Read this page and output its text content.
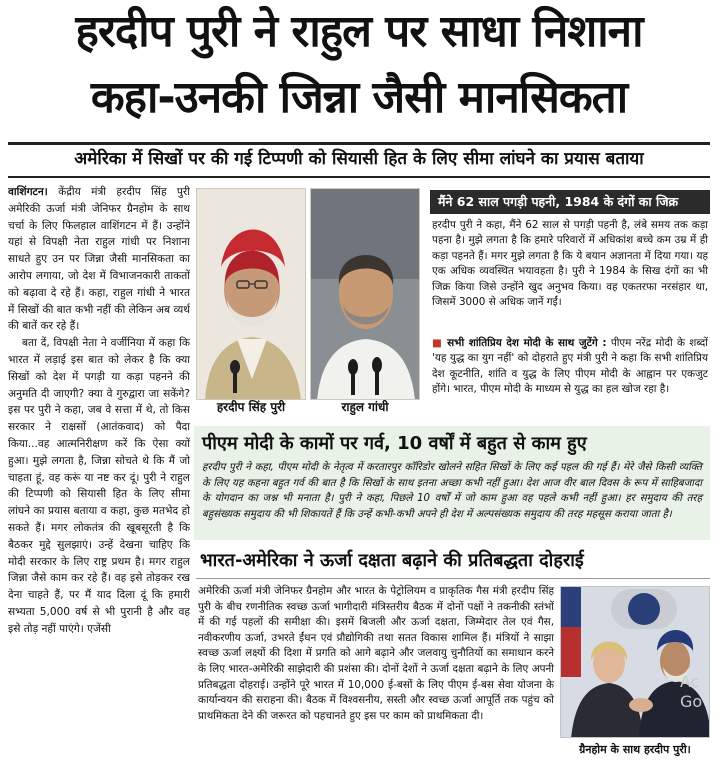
हरदीप पुरी ने राहुल पर साधा निशाना
कहा-उनकी जिन्ना जैसी मानसिकता
अमेरिका में सिखों पर की गई टिप्पणी को सियासी हित के लिए सीमा लांघने का प्रयास बताया

वाशिंगटन। केंद्रीय मंत्री हरदीप सिंह पुरी अमेरिकी ऊर्जा मंत्री जेनिफर ग्रैनहोम के साथ चर्चा के लिए फिलहाल वाशिंगटन में हैं। उन्होंने यहां से विपक्षी नेता राहुल गांधी पर निशाना साधते हुए उन पर जिन्ना जैसी मानसिकता का आरोप लगाया, जो देश में विभाजनकारी ताकतों को बढ़ावा दे रहे हैं। कहा, राहुल गांधी ने भारत में सिखों की बात कभी नहीं की लेकिन अब व्यर्थ की बातें कर रहे हैं।

बता दें, विपक्षी नेता ने वर्जीनिया में कहा कि भारत में लड़ाई इस बात को लेकर है कि क्या सिखों को देश में पगड़ी या कड़ा पहनने की अनुमति दी जाएगी? क्या वे गुरुद्वारा जा सकेंगे? इस पर पुरी ने कहा, जब वे सत्ता में थे, तो किस सरकार ने राक्षसों (आतंकवाद) को पैदा किया...वह आत्मनिरीक्षण करें कि ऐसा क्यों हुआ। मुझे लगता है, जिन्ना सोचते थे कि मैं जो चाहता हूं, वह करूं या नष्ट कर दूं। पुरी ने राहुल की टिप्पणी को सियासी हित के लिए सीमा लांघने का प्रयास बताया व कहा, कुछ मतभेद हो सकते हैं। मगर लोकतंत्र की खूबसूरती है कि बैठकर मुद्दे सुलझाएं। उन्हें देखना चाहिए कि मोदी सरकार के लिए राष्ट्र प्रथम है। मगर राहुल जिन्ना जैसे काम कर रहे हैं। वह इसे तोड़कर रख देना चाहते हैं, पर मैं याद दिला दूं कि हमारी सभ्यता 5,000 वर्ष से भी पुरानी है और वह इसे तोड़ नहीं पाएंगे। एजेंसी

हरदीप सिंह पुरी	राहुल गांधी
मैंने 62 साल पगड़ी पहनी, 1984 के दंगों का जिक्र
हरदीप पुरी ने कहा, मैंने 62 साल से पगड़ी पहनी है, लंबे समय तक कड़ा पहना है। मुझे लगता है कि हमारे परिवारों में अधिकांश बच्चे कम उम्र में ही कड़ा पहनते हैं। मगर मुझे लगता है कि ये बयान अज्ञानता में दिया गया। यह एक अधिक व्यवस्थित भयावहता है। पुरी ने 1984 के सिख दंगों का भी जिक्र किया जिसे उन्होंने खुद अनुभव किया। वह एकतरफा नरसंहार था, जिसमें 3000 से अधिक जानें गईं।
■ सभी शांतिप्रिय देश मोदी के साथ जुटेंगे : पीएम नरेंद्र मोदी के शब्दों 'यह युद्ध का युग नहीं' को दोहराते हुए मंत्री पुरी ने कहा कि सभी शांतिप्रिय देश कूटनीति, शांति व युद्ध के लिए पीएम मोदी के आह्वान पर एकजुट होंगे। भारत, पीएम मोदी के माध्यम से युद्ध का हल खोज रहा है।
पीएम मोदी के कामों पर गर्व, 10 वर्षों में बहुत से काम हुए
हरदीप पुरी ने कहा, पीएम मोदी के नेतृत्व में करतारपुर कॉरिडोर खोलने सहित सिखों के लिए कई पहल की गई हैं। मेरे जैसे किसी व्यक्ति के लिए यह कहना बहुत गर्व की बात है कि सिखों के साथ इतना अच्छा कभी नहीं हुआ। देश आज वीर बाल दिवस के रूप में साहिबजादा के योगदान का जश्न भी मनाता है। पुरी ने कहा, पिछले 10 वर्षों में जो काम हुआ वह पहले कभी नहीं हुआ। हर समुदाय की तरह बहुसंख्यक समुदाय की भी शिकायतें हैं कि उन्हें कभी-कभी अपने ही देश में अल्पसंख्यक समुदाय की तरह महसूस कराया जाता है।
भारत-अमेरिका ने ऊर्जा दक्षता बढ़ाने की प्रतिबद्धता दोहराई
अमेरिकी ऊर्जा मंत्री जेनिफर ग्रैनहोम और भारत के पेट्रोलियम व प्राकृतिक गैस मंत्री हरदीप सिंह पुरी के बीच रणनीतिक स्वच्छ ऊर्जा भागीदारी मंत्रिस्तरीय बैठक में दोनों पक्षों ने तकनीकी स्तंभों में की गई पहलों की समीक्षा की। इसमें बिजली और ऊर्जा दक्षता, जिम्मेदार तेल एवं गैस, नवीकरणीय ऊर्जा, उभरते ईंधन एवं प्रौद्योगिकी तथा सतत विकास शामिल हैं। मंत्रियों ने साझा स्वच्छ ऊर्जा लक्ष्यों की दिशा में प्रगति को आगे बढ़ाने और जलवायु चुनौतियों का समाधान करने के लिए भारत-अमेरिकी साझेदारी की प्रशंसा की। दोनों देशों ने ऊर्जा दक्षता बढ़ाने के लिए अपनी प्रतिबद्धता दोहराई। उन्होंने पूरे भारत में 10,000 ई-बसों के लिए पीएम ई-बस सेवा योजना के कार्यान्वयन की सराहना की। बैठक में विश्वसनीय, सस्ती और स्वच्छ ऊर्जा आपूर्ति तक पहुंच को प्राथमिकता देने की जरूरत को पहचानते हुए इस पर काम को प्राथमिकता दी।
ग्रैनहोम के साथ हरदीप पुरी।
Ac
Go
